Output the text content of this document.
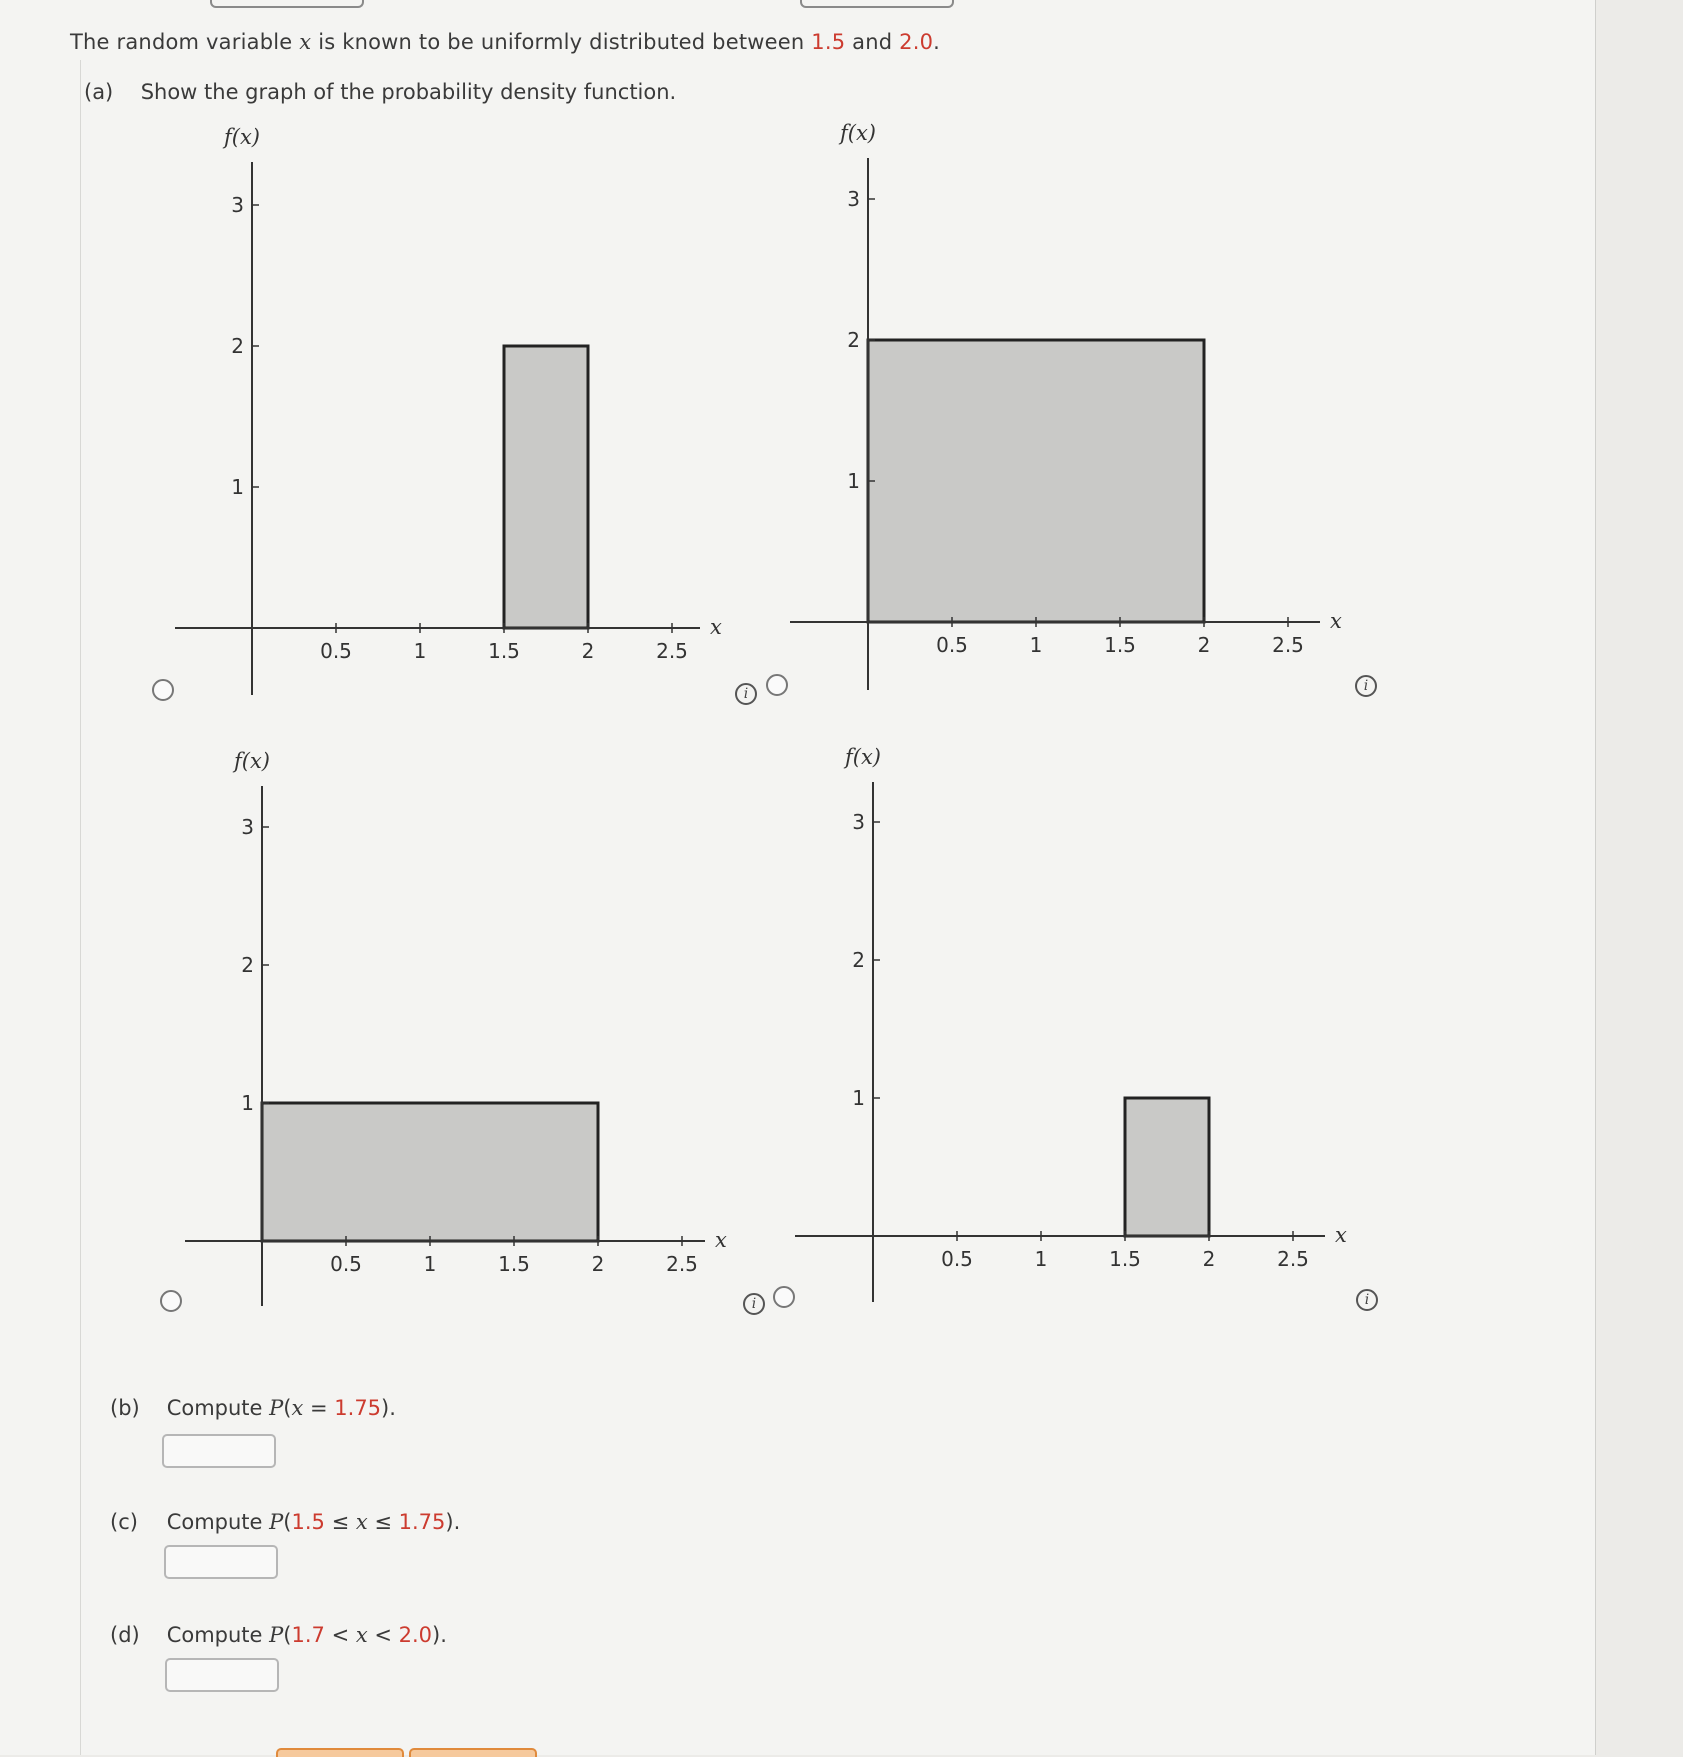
The random variable x is known to be uniformly distributed between 1.5 and 2.0.
(a) Show the graph of the probability density function.
0.5	1	1.5	2	2.5
1
2
3
f(x)
x
0.5	1	1.5	2	2.5
1
2
3
f(x)
x
0.5	1	1.5	2	2.5
1
2
3
f(x)
x
0.5	1	1.5	2	2.5
1
2
3
f(x)
x
i	i
i	i
(b) Compute P(x = 1.75).
(c) Compute P(1.5 ≤ x ≤ 1.75).
(d) Compute P(1.7 < x < 2.0).
